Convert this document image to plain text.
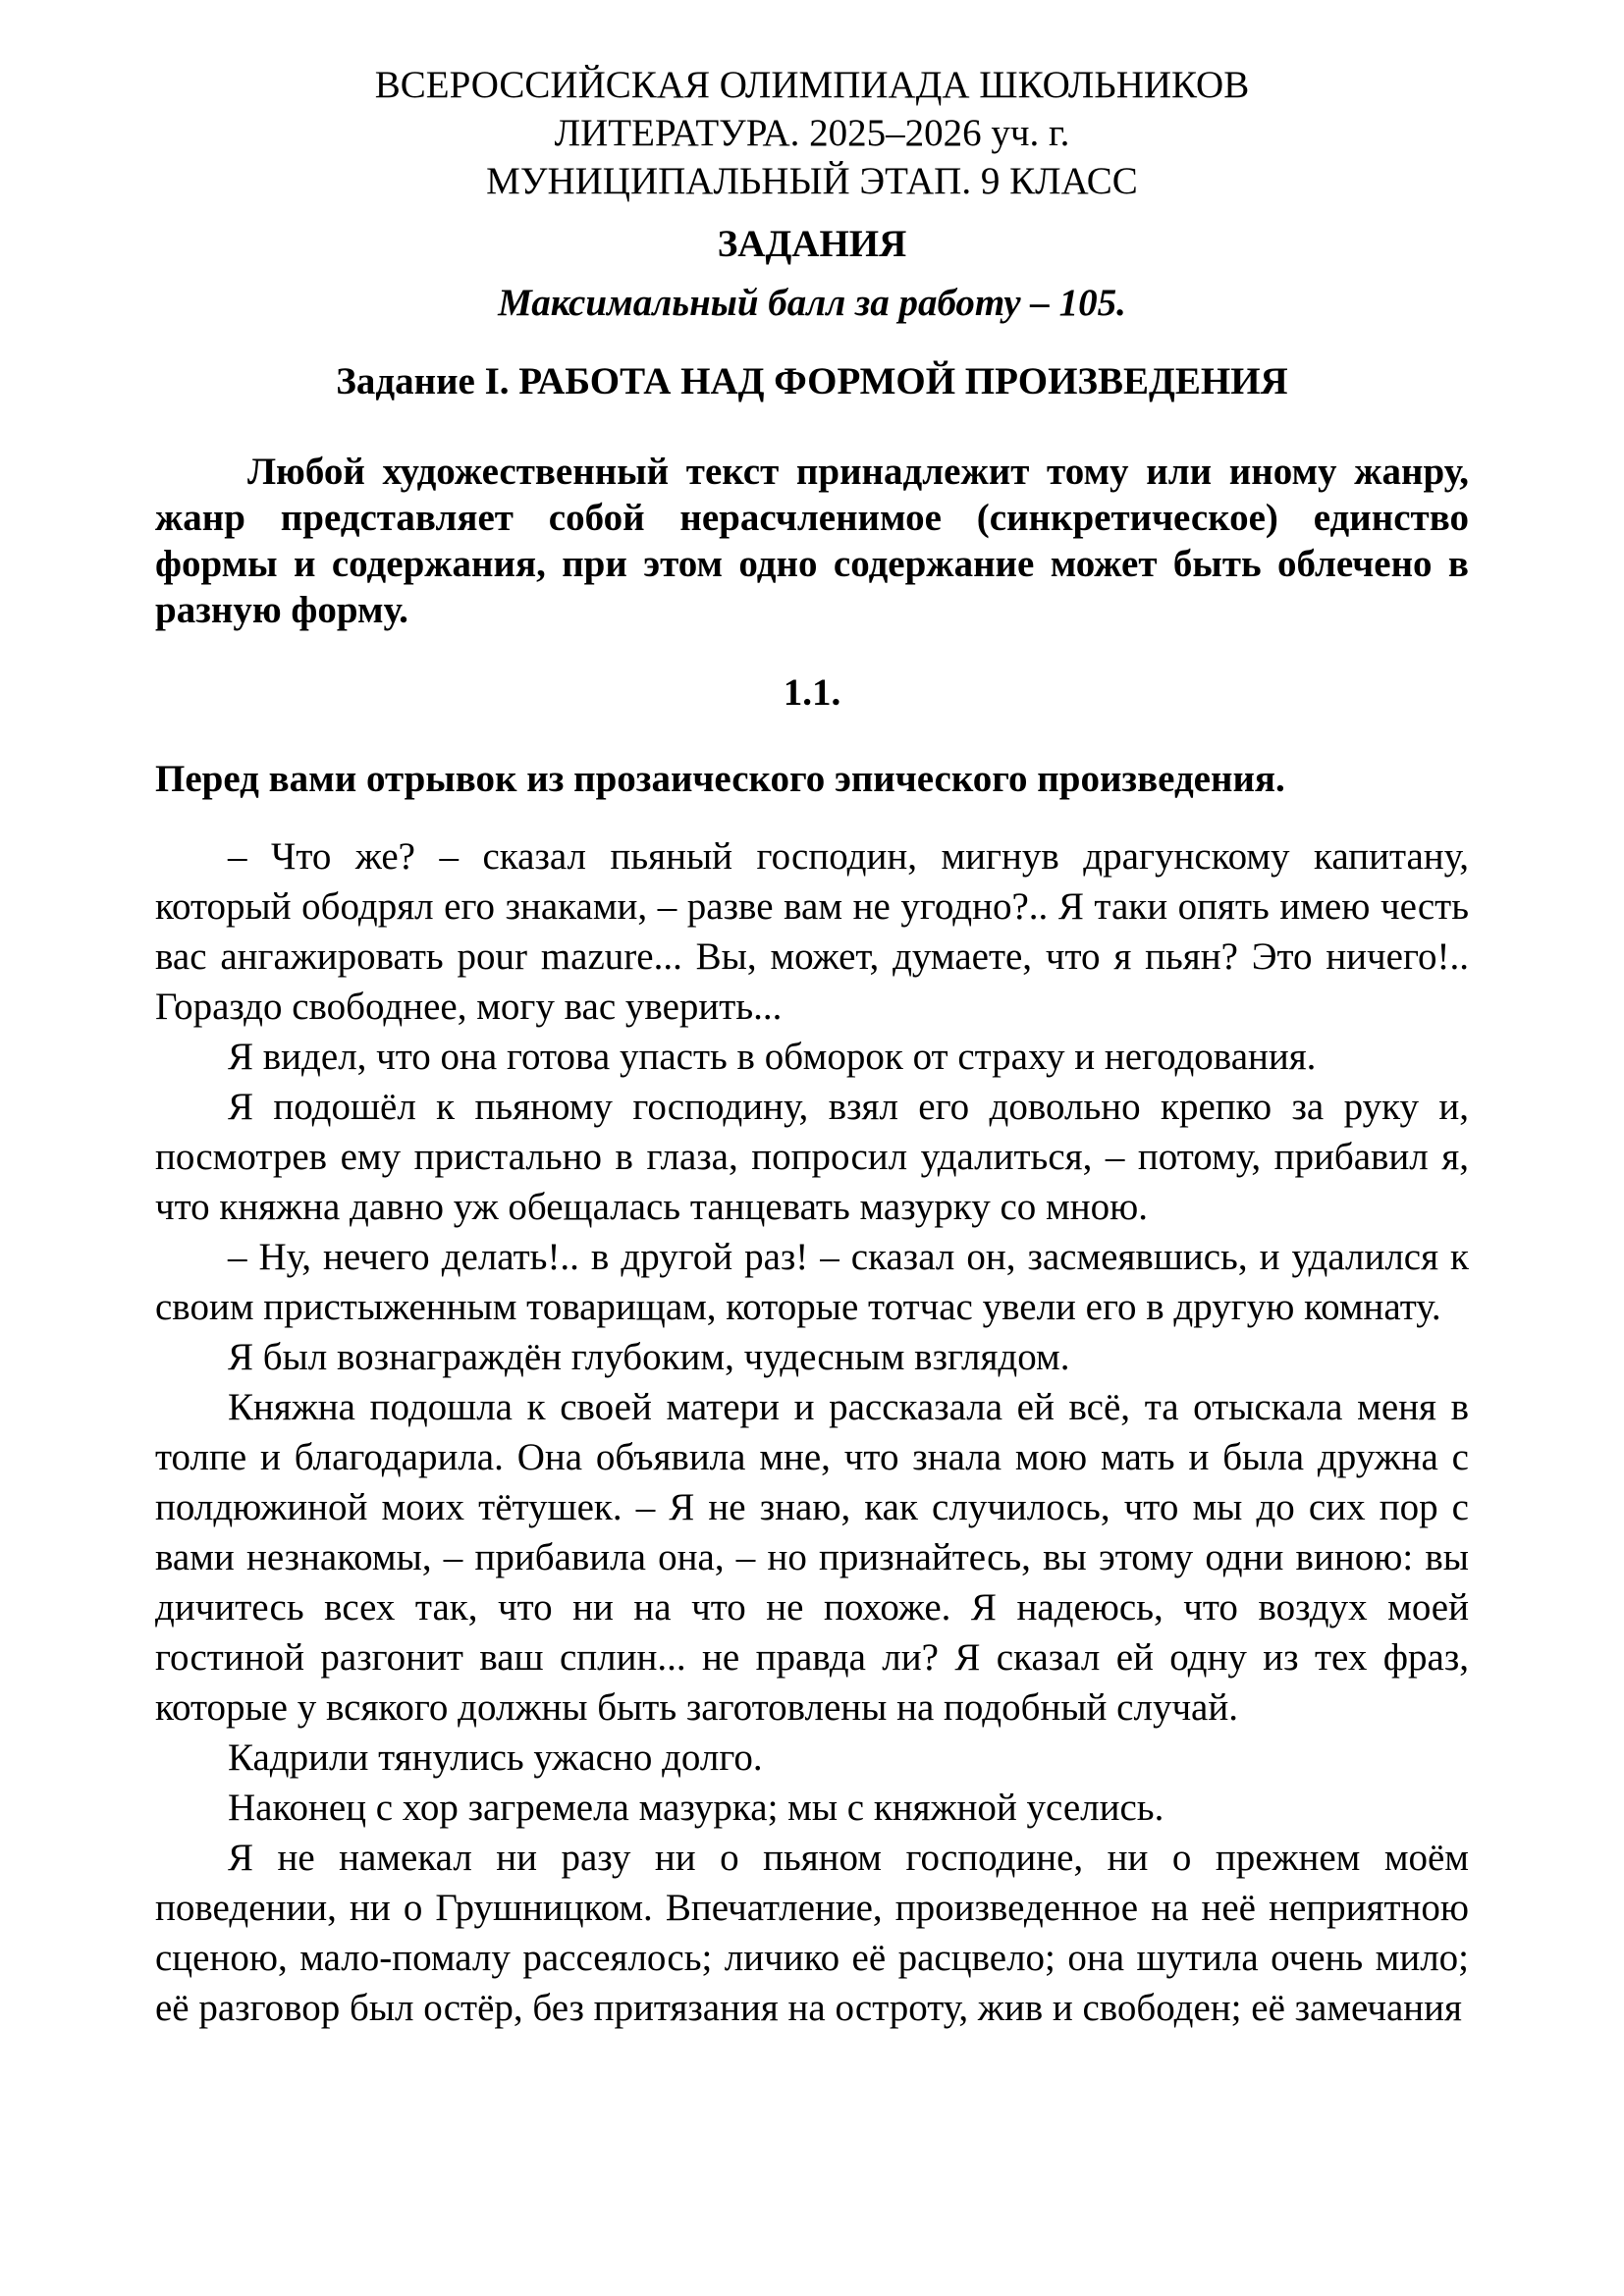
ВСЕРОССИЙСКАЯ ОЛИМПИАДА ШКОЛЬНИКОВ

ЛИТЕРАТУРА. 2025–2026 уч. г.

МУНИЦИПАЛЬНЫЙ ЭТАП. 9 КЛАСС

ЗАДАНИЯ

Максимальный балл за работу – 105.

Задание I. РАБОТА НАД ФОРМОЙ ПРОИЗВЕДЕНИЯ

Любой художественный текст принадлежит тому или иному жанру, жанр представляет собой нерасчленимое (синкретическое) единство формы и содержания, при этом одно содержание может быть облечено в разную форму.

1.1.

Перед вами отрывок из прозаического эпического произведения.

– Что же? – сказал пьяный господин, мигнув драгунскому капитану, который ободрял его знаками, – разве вам не угодно?.. Я таки опять имею честь вас ангажировать pour mazure... Вы, может, думаете, что я пьян? Это ничего!.. Гораздо свободнее, могу вас уверить...

Я видел, что она готова упасть в обморок от страху и негодования.

Я подошёл к пьяному господину, взял его довольно крепко за руку и, посмотрев ему пристально в глаза, попросил удалиться, – потому, прибавил я, что княжна давно уж обещалась танцевать мазурку со мною.

– Ну, нечего делать!.. в другой раз! – сказал он, засмеявшись, и удалился к своим пристыженным товарищам, которые тотчас увели его в другую комнату.

Я был вознаграждён глубоким, чудесным взглядом.

Княжна подошла к своей матери и рассказала ей всё, та отыскала меня в толпе и благодарила. Она объявила мне, что знала мою мать и была дружна с полдюжиной моих тётушек. – Я не знаю, как случилось, что мы до сих пор с вами незнакомы, – прибавила она, – но признайтесь, вы этому одни виною: вы дичитесь всех так, что ни на что не похоже. Я надеюсь, что воздух моей гостиной разгонит ваш сплин... не правда ли? Я сказал ей одну из тех фраз, которые у всякого должны быть заготовлены на подобный случай.

Кадрили тянулись ужасно долго.

Наконец с хор загремела мазурка; мы с княжной уселись.

Я не намекал ни разу ни о пьяном господине, ни о прежнем моём поведении, ни о Грушницком. Впечатление, произведенное на неё неприятною сценою, мало-помалу рассеялось; личико её расцвело; она шутила очень мило; её разговор был остёр, без притязания на остроту, жив и свободен; её замечания
